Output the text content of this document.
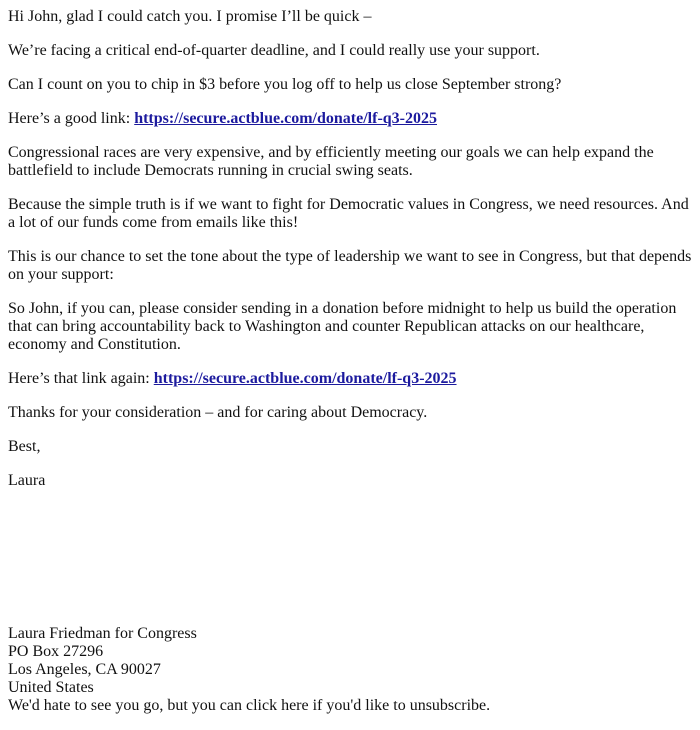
Hi John, glad I could catch you. I promise I’ll be quick –

We’re facing a critical end-of-quarter deadline, and I could really use your support.

Can I count on you to chip in $3 before you log off to help us close September strong?

Here’s a good link: https://secure.actblue.com/donate/lf-q3-2025

Congressional races are very expensive, and by efficiently meeting our goals we can help expand the battlefield to include Democrats running in crucial swing seats.

Because the simple truth is if we want to fight for Democratic values in Congress, we need resources. And a lot of our funds come from emails like this!

This is our chance to set the tone about the type of leadership we want to see in Congress, but that depends on your support:

So John, if you can, please consider sending in a donation before midnight to help us build the operation that can bring accountability back to Washington and counter Republican attacks on our healthcare, economy and Constitution.

Here’s that link again: https://secure.actblue.com/donate/lf-q3-2025

Thanks for your consideration – and for caring about Democracy.

Best,

Laura

Laura Friedman for Congress

PO Box 27296

Los Angeles, CA 90027

United States

We'd hate to see you go, but you can click here if you'd like to unsubscribe.
